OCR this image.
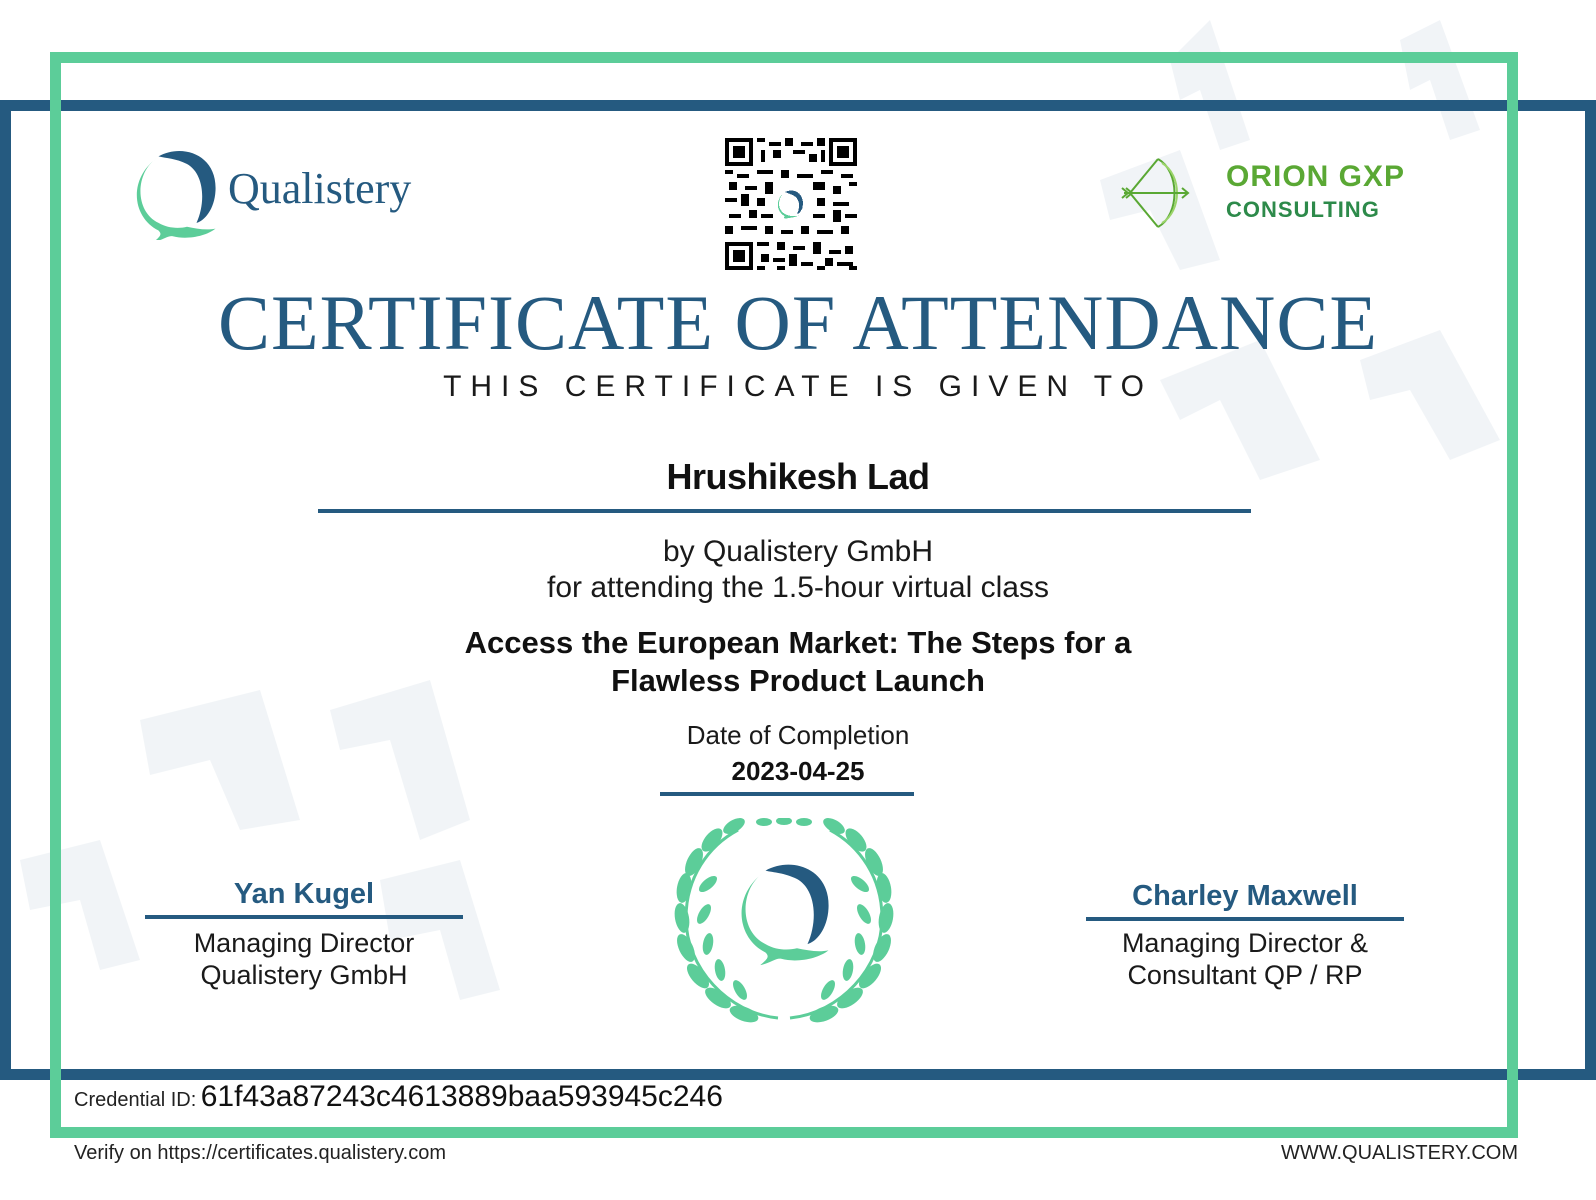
Qualistery	ORION GXP
CONSULTING
CERTIFICATE OF ATTENDANCE
THIS CERTIFICATE IS GIVEN TO
Hrushikesh Lad
by Qualistery GmbH
for attending the 1.5-hour virtual class
Access the European Market: The Steps for a
Flawless Product Launch
Date of Completion
2023-04-25
Yan Kugel
Managing Director
Qualistery GmbH
Charley Maxwell
Managing Director &
Consultant QP / RP
Credential ID: 61f43a87243c4613889baa593945c246
Verify on https://certificates.qualistery.com	WWW.QUALISTERY.COM
